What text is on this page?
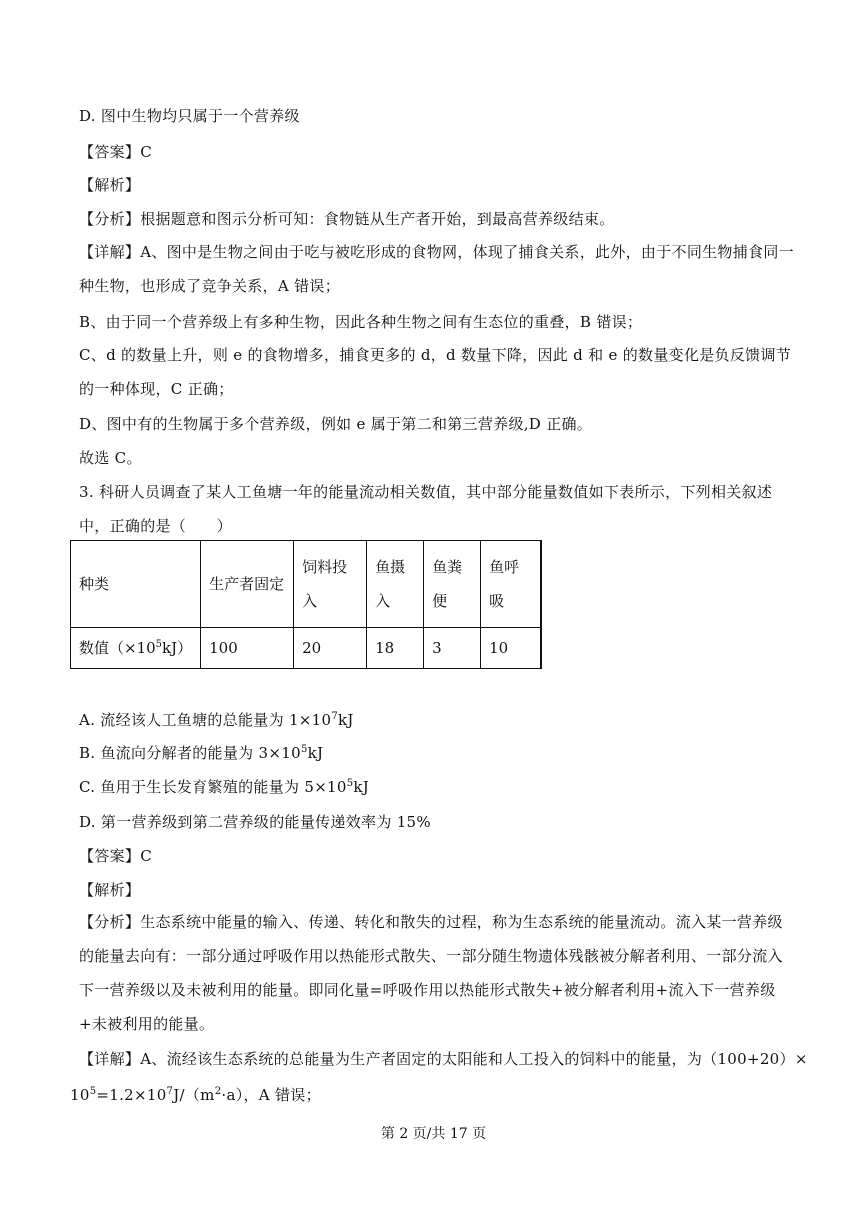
D. 图中生物均只属于一个营养级
【答案】C
【解析】
【分析】根据题意和图示分析可知：食物链从生产者开始，到最高营养级结束。
【详解】A、图中是生物之间由于吃与被吃形成的食物网，体现了捕食关系，此外，由于不同生物捕食同一种生物，也形成了竞争关系，A 错误；
B、由于同一个营养级上有多种生物，因此各种生物之间有生态位的重叠，B 错误；
C、d 的数量上升，则 e 的食物增多，捕食更多的 d，d 数量下降，因此 d 和 e 的数量变化是负反馈调节的一种体现，C 正确；
D、图中有的生物属于多个营养级，例如 e 属于第二和第三营养级,D 正确。
故选 C。
3. 科研人员调查了某人工鱼塘一年的能量流动相关数值，其中部分能量数值如下表所示，下列相关叙述中，正确的是（　　）
种类	生产者固定	饲料投入	鱼摄入	鱼粪便	鱼呼吸
数值$(\times 10^5kJ)$	100	20	18	3	10
A. 流经该人工鱼塘的总能量为 $1\times 10^7kJ$
B. 鱼流向分解者的能量为 $3\times 10^5kJ$
C. 鱼用于生长发育繁殖的能量为 $5\times 10^5kJ$
D. 第一营养级到第二营养级的能量传递效率为 15%
【答案】C
【解析】
【分析】生态系统中能量的输入、传递、转化和散失的过程，称为生态系统的能量流动。流入某一营养级的能量去向有：一部分通过呼吸作用以热能形式散失、一部分随生物遗体残骸被分解者利用、一部分流入下一营养级以及未被利用的能量。即同化量=呼吸作用以热能形式散失+被分解者利用+流入下一营养级+未被利用的能量。
【详解】A、流经该生态系统的总能量为生产者固定的太阳能和人工投入的饲料中的能量，为（100+20）×
$10^5=1.2\times 10^7J/(m^2\cdot a)$，A 错误；
第 2 页/共 17 页
